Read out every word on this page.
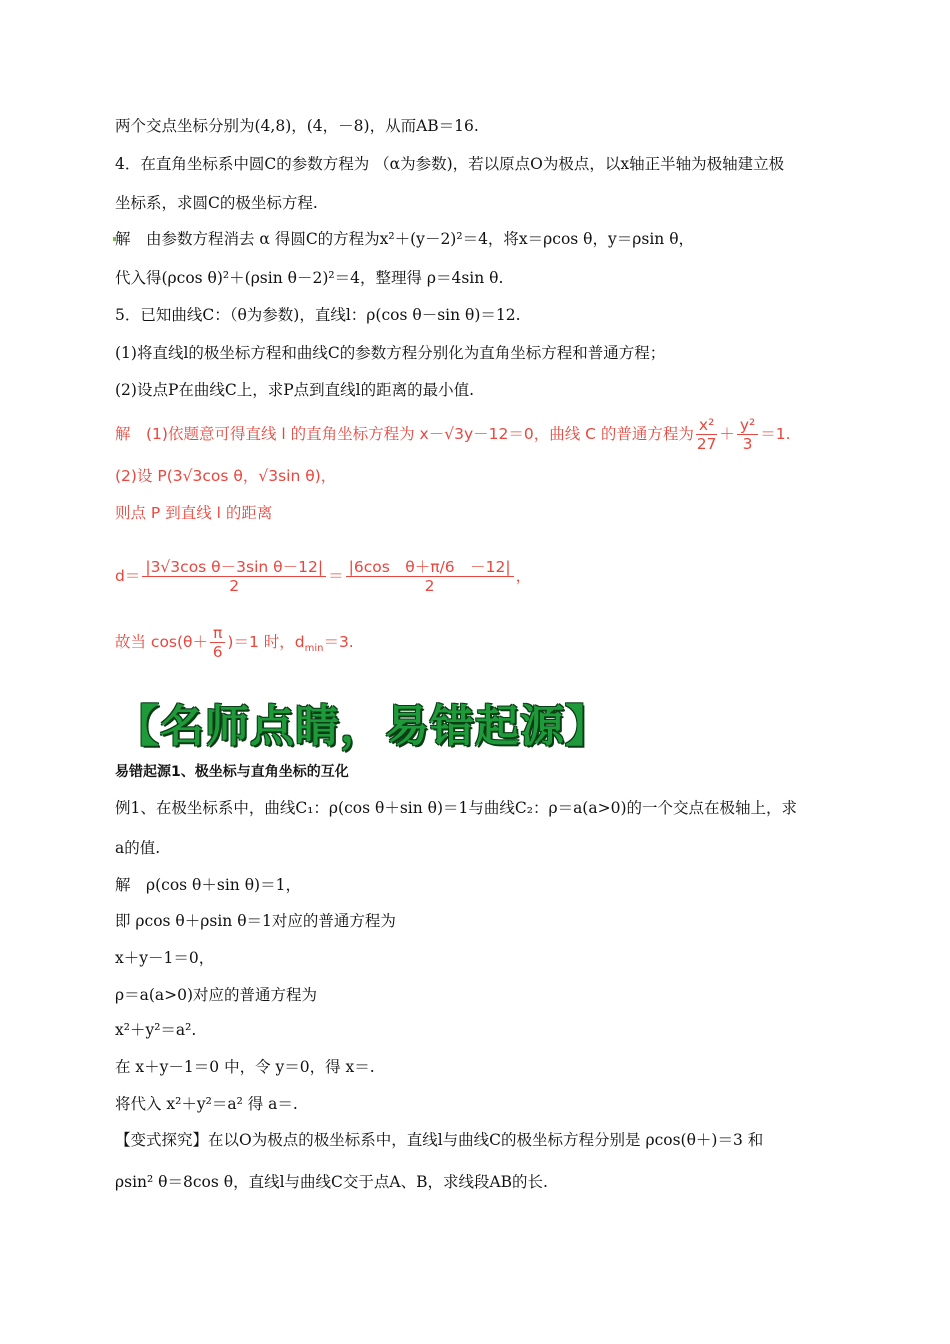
两个交点坐标分别为(4,8)，(4，－8)，从而AB＝16.
4．在直角坐标系中圆C的参数方程为 （α为参数)，若以原点O为极点，以x轴正半轴为极轴建立极
坐标系，求圆C的极坐标方程.
解　由参数方程消去 α 得圆C的方程为x²＋(y－2)²＝4，将x＝ρcos θ，y＝ρsin θ，
代入得(ρcos θ)²＋(ρsin θ－2)²＝4，整理得 ρ＝4sin θ.
5．已知曲线C：（θ为参数)，直线l：ρ(cos θ－sin θ)＝12.
(1)将直线l的极坐标方程和曲线C的参数方程分别化为直角坐标方程和普通方程；
(2)设点P在曲线C上，求P点到直线l的距离的最小值.
解　(1)依题意可得直线 l 的直角坐标方程为 x－√3y－12＝0，曲线 C 的普通方程为 $\frac{\text{x²}}{27} + \frac{\text{y²}}{3} =1$.
(2)设 P(3√3cos θ，√3sin θ)，
则点 P 到直线 l 的距离
$d= \frac{\text{|3√3cos θ－3sin θ－12|}}{2} = \frac{\text{|6cos　θ＋π/6　－12|}}{2}$ ，
故当 $\cos(\theta+ \frac{\pi}{6} )=1$ 时，$d_{min}=3$.
【名师点睛，易错起源】
易错起源1、极坐标与直角坐标的互化
例1、在极坐标系中，曲线C₁：ρ(cos θ＋sin θ)＝1与曲线C₂：ρ＝a(a>0)的一个交点在极轴上，求
a的值.
解　ρ(cos θ＋sin θ)＝1，
即 ρcos θ＋ρsin θ＝1对应的普通方程为
x＋y－1＝0，
ρ＝a(a>0)对应的普通方程为
x²＋y²＝a².
在 x＋y－1＝0 中，令 y＝0，得 x＝.
将代入 x²＋y²＝a² 得 a＝.
【变式探究】在以O为极点的极坐标系中，直线l与曲线C的极坐标方程分别是 ρcos(θ＋)＝3 和
ρsin² θ＝8cos θ，直线l与曲线C交于点A、B，求线段AB的长.
